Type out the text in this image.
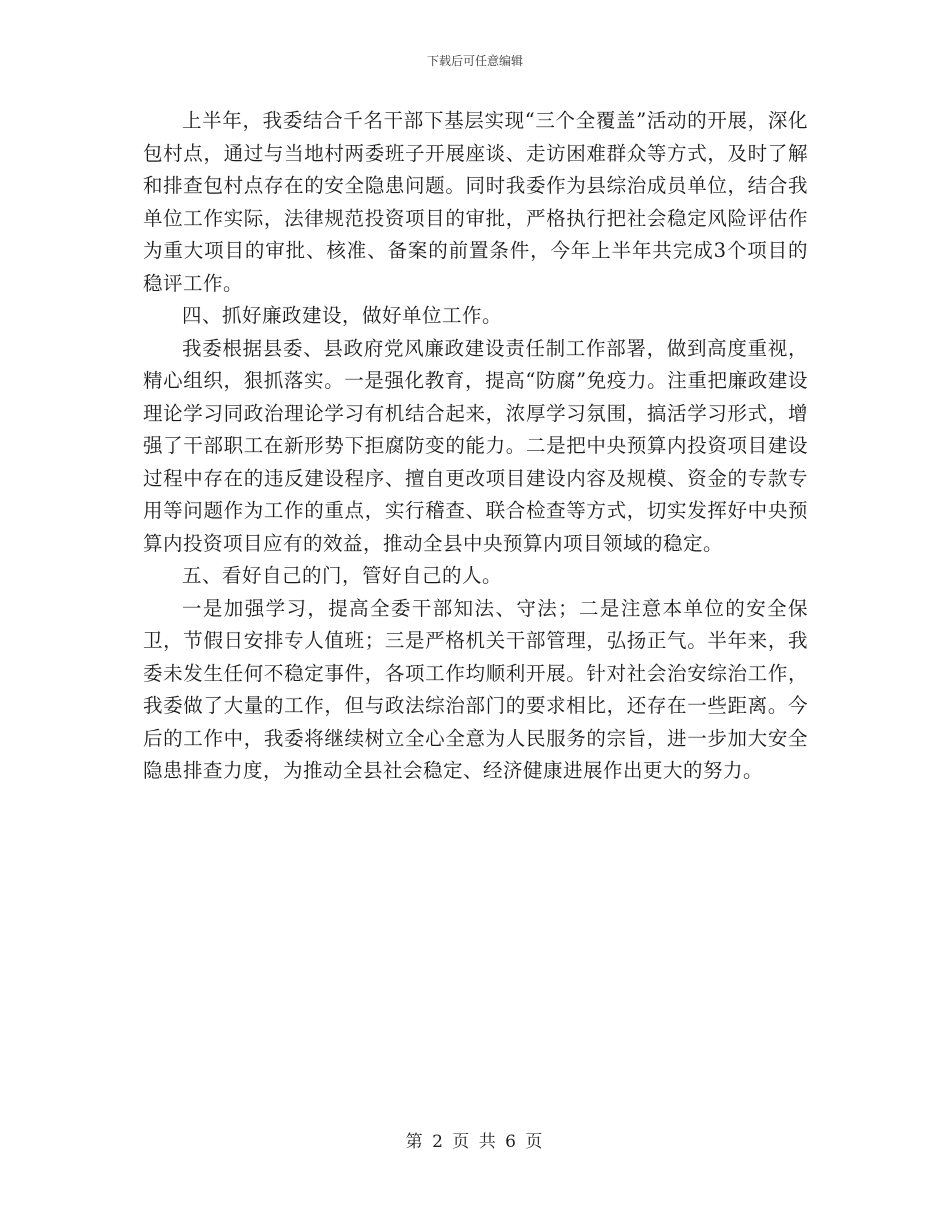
下载后可任意编辑

上半年，我委结合千名干部下基层实现“三个全覆盖”活动的开展，深化包村点，通过与当地村两委班子开展座谈、走访困难群众等方式，及时了解和排查包村点存在的安全隐患问题。同时我委作为县综治成员单位，结合我单位工作实际，法律规范投资项目的审批，严格执行把社会稳定风险评估作为重大项目的审批、核准、备案的前置条件，今年上半年共完成3个项目的稳评工作。

四、抓好廉政建设，做好单位工作。

我委根据县委、县政府党风廉政建设责任制工作部署，做到高度重视，精心组织，狠抓落实。一是强化教育，提高“防腐”免疫力。注重把廉政建设理论学习同政治理论学习有机结合起来，浓厚学习氛围，搞活学习形式，增强了干部职工在新形势下拒腐防变的能力。二是把中央预算内投资项目建设过程中存在的违反建设程序、擅自更改项目建设内容及规模、资金的专款专用等问题作为工作的重点，实行稽查、联合检查等方式，切实发挥好中央预算内投资项目应有的效益，推动全县中央预算内项目领域的稳定。

五、看好自己的门，管好自己的人。

一是加强学习，提高全委干部知法、守法；二是注意本单位的安全保卫，节假日安排专人值班；三是严格机关干部管理，弘扬正气。半年来，我委未发生任何不稳定事件，各项工作均顺利开展。针对社会治安综治工作，我委做了大量的工作，但与政法综治部门的要求相比，还存在一些距离。今后的工作中，我委将继续树立全心全意为人民服务的宗旨，进一步加大安全隐患排查力度，为推动全县社会稳定、经济健康进展作出更大的努力。

第 2 页 共 6 页
